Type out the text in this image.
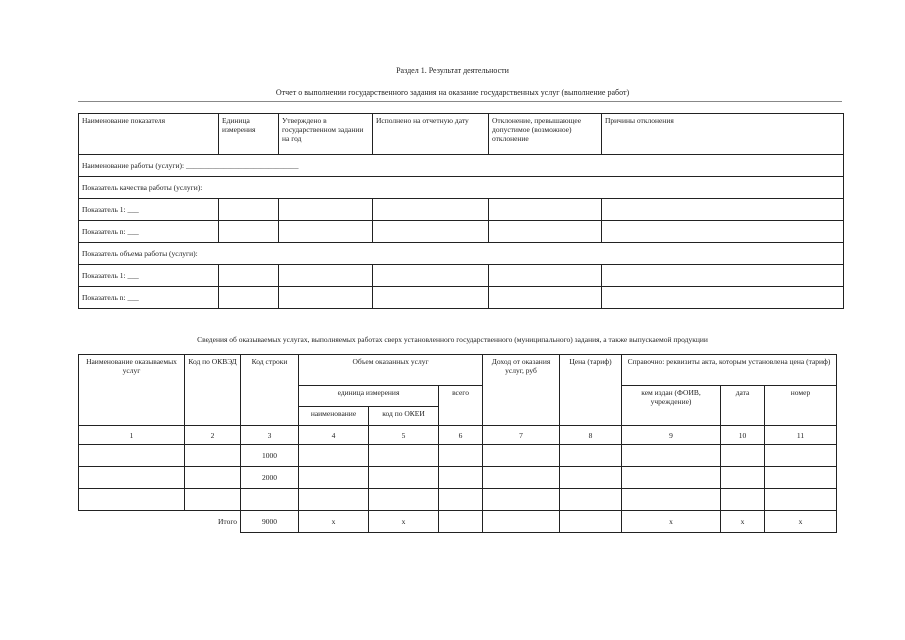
Раздел 1. Результат деятельности
Отчет о выполнении государственного задания на оказание государственных услуг (выполнение работ)
Наименование показателя	Единица измерения	Утверждено в государственном задании на год	Исполнено на отчетную дату	Отклонение, превышающее допустимое (возможное) отклонение	Причины отклонения
Наименование работы (услуги): ______________________________					
Показатель качества работы (услуги):					
Показатель 1: ___					
Показатель n: ___					
Показатель объема работы (услуги):					
Показатель 1: ___					
Показатель n: ___					
Сведения об оказываемых услугах, выполняемых работах сверх установленного государственного (муниципального) задания, а также выпускаемой продукции
Наименование оказываемых услуг	Код по ОКВЭД	Код строки	Объем оказанных услуг			Доход от оказания услуг, руб	Цена (тариф)	Справочно: реквизиты акта, которым установлена цена (тариф)		
			единица измерения		всего			кем издан (ФОИВ, учреждение)	дата	номер
			наименование	код по ОКЕИ						
1	2	3	4	5	6	7	8	9	10	11
		1000								
		2000								

Итого		9000	х	х				х	х	х
